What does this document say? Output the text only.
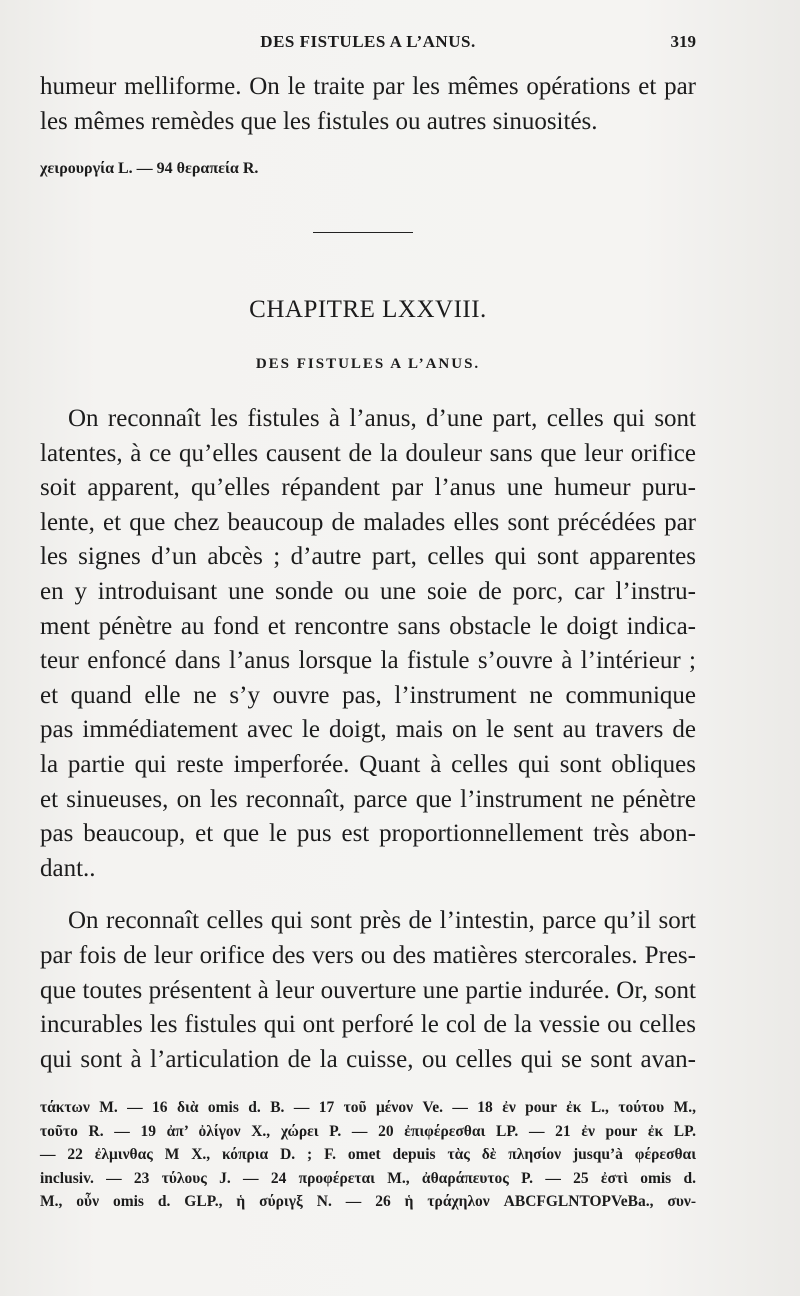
DES FISTULES A L’ANUS.	319
humeur melliforme. On le traite par les mêmes opérations et par
les mêmes remèdes que les fistules ou autres sinuosités.
χειρουργία L. — 94 θεραπεία R.
CHAPITRE LXXVIII.
DES FISTULES A L’ANUS.
On reconnaît les fistules à l’anus, d’une part, celles qui sont
latentes, à ce qu’elles causent de la douleur sans que leur orifice
soit apparent, qu’elles répandent par l’anus une humeur puru-
lente, et que chez beaucoup de malades elles sont précédées par
les signes d’un abcès ; d’autre part, celles qui sont apparentes
en y introduisant une sonde ou une soie de porc, car l’instru-
ment pénètre au fond et rencontre sans obstacle le doigt indica-
teur enfoncé dans l’anus lorsque la fistule s’ouvre à l’intérieur ;
et quand elle ne s’y ouvre pas, l’instrument ne communique
pas immédiatement avec le doigt, mais on le sent au travers de
la partie qui reste imperforée. Quant à celles qui sont obliques
et sinueuses, on les reconnaît, parce que l’instrument ne pénètre
pas beaucoup, et que le pus est proportionnellement très abon-
dant..
On reconnaît celles qui sont près de l’intestin, parce qu’il sort
par fois de leur orifice des vers ou des matières stercorales. Pres-
que toutes présentent à leur ouverture une partie indurée. Or, sont
incurables les fistules qui ont perforé le col de la vessie ou celles
qui sont à l’articulation de la cuisse, ou celles qui se sont avan-
τάκτων M. — 16 διὰ omis d. B. — 17 τοῦ μένον Ve. — 18 ἐν pour ἐκ L., τούτου M.,
τοῦτο R. — 19 ἀπ’ ὀλίγον X., χώρει P. — 20 ἐπιφέρεσθαι LP. — 21 ἐν pour ἐκ LP.
— 22 ἐλμινθας M X., κόπρια D. ; F. omet depuis τὰς δὲ πλησίον jusqu’à φέρεσθαι
inclusiv. — 23 τύλους J. — 24 προφέρεται M., ἀθαράπευτος P. — 25 ἐστὶ omis d.
M., οὖν omis d. GLP., ἡ σύριγξ N. — 26 ἡ τράχηλον ABCFGLNTOPVeBa., συν-
